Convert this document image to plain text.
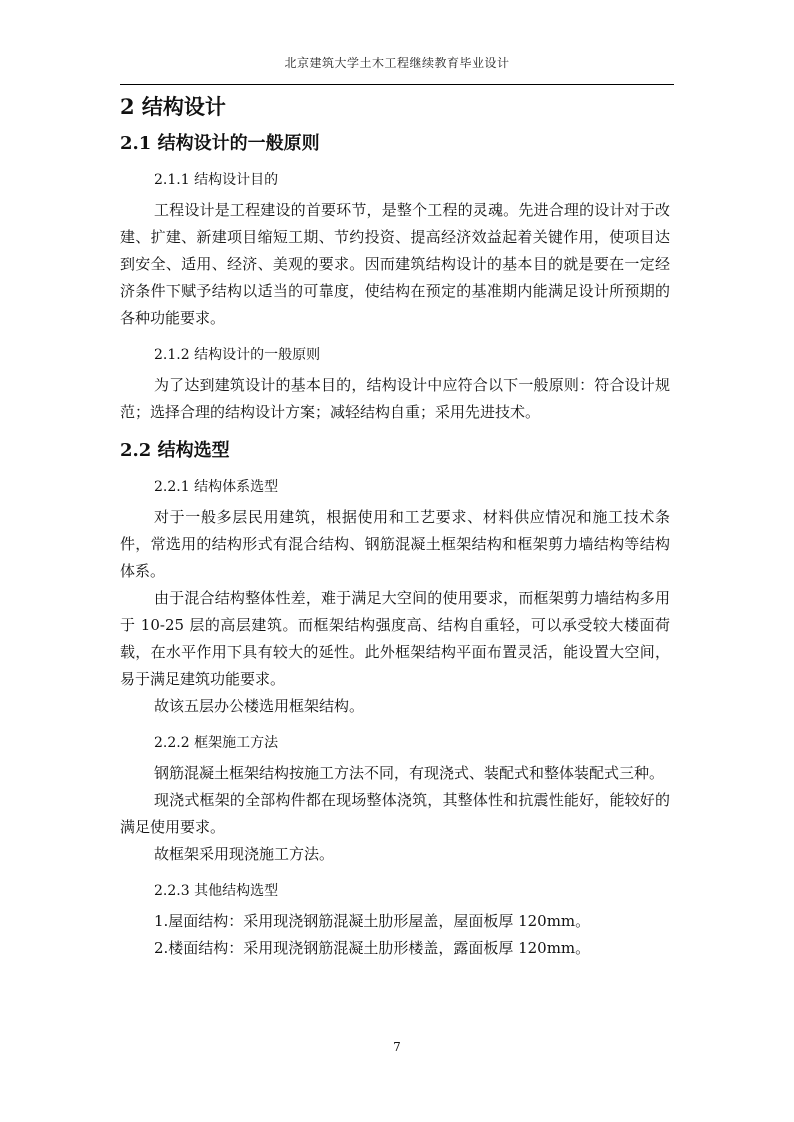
北京建筑大学土木工程继续教育毕业设计
2 结构设计
2.1 结构设计的一般原则
2.1.1 结构设计目的

工程设计是工程建设的首要环节，是整个工程的灵魂。先进合理的设计对于改建、扩建、新建项目缩短工期、节约投资、提高经济效益起着关键作用，使项目达到安全、适用、经济、美观的要求。因而建筑结构设计的基本目的就是要在一定经济条件下赋予结构以适当的可靠度，使结构在预定的基准期内能满足设计所预期的各种功能要求。

2.1.2 结构设计的一般原则

为了达到建筑设计的基本目的，结构设计中应符合以下一般原则：符合设计规范；选择合理的结构设计方案；减轻结构自重；采用先进技术。

2.2 结构选型
2.2.1 结构体系选型

对于一般多层民用建筑，根据使用和工艺要求、材料供应情况和施工技术条件，常选用的结构形式有混合结构、钢筋混凝土框架结构和框架剪力墙结构等结构体系。

由于混合结构整体性差，难于满足大空间的使用要求，而框架剪力墙结构多用于 10-25 层的高层建筑。而框架结构强度高、结构自重轻，可以承受较大楼面荷载，在水平作用下具有较大的延性。此外框架结构平面布置灵活，能设置大空间，易于满足建筑功能要求。

故该五层办公楼选用框架结构。

2.2.2 框架施工方法

钢筋混凝土框架结构按施工方法不同，有现浇式、装配式和整体装配式三种。

现浇式框架的全部构件都在现场整体浇筑，其整体性和抗震性能好，能较好的满足使用要求。

故框架采用现浇施工方法。

2.2.3 其他结构选型

1.屋面结构：采用现浇钢筋混凝土肋形屋盖，屋面板厚 120mm。

2.楼面结构：采用现浇钢筋混凝土肋形楼盖，露面板厚 120mm。

7
